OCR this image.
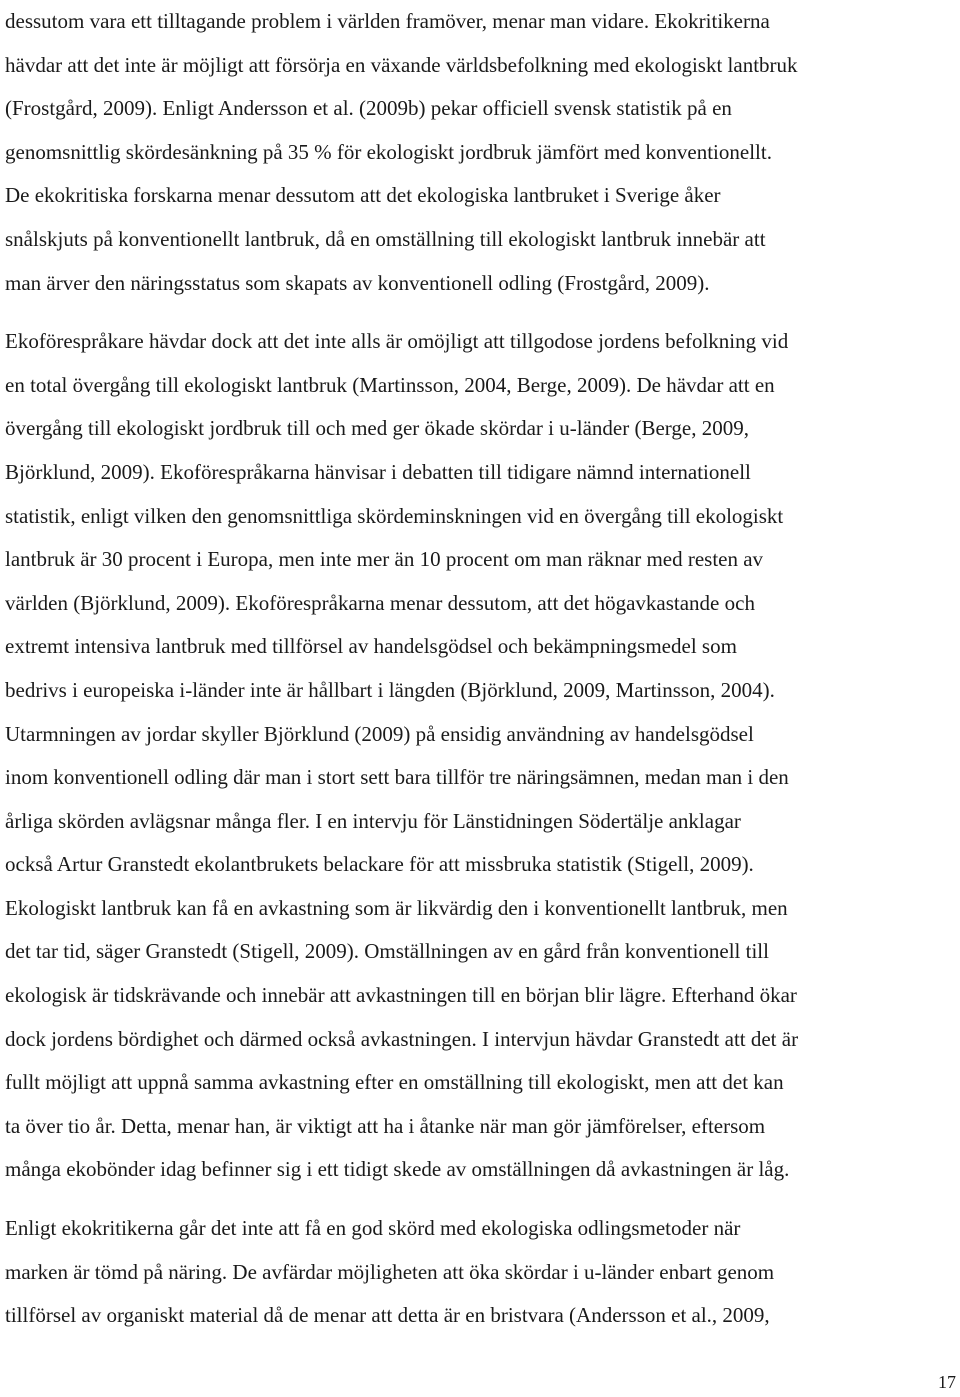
dessutom vara ett tilltagande problem i världen framöver, menar man vidare. Ekokritikerna
hävdar att det inte är möjligt att försörja en växande världsbefolkning med ekologiskt lantbruk
(Frostgård, 2009). Enligt Andersson et al. (2009b) pekar officiell svensk statistik på en
genomsnittlig skördesänkning på 35 % för ekologiskt jordbruk jämfört med konventionellt.
De ekokritiska forskarna menar dessutom att det ekologiska lantbruket i Sverige åker
snålskjuts på konventionellt lantbruk, då en omställning till ekologiskt lantbruk innebär att
man ärver den näringsstatus som skapats av konventionell odling (Frostgård, 2009).
Ekoförespråkare hävdar dock att det inte alls är omöjligt att tillgodose jordens befolkning vid
en total övergång till ekologiskt lantbruk (Martinsson, 2004, Berge, 2009). De hävdar att en
övergång till ekologiskt jordbruk till och med ger ökade skördar i u-länder (Berge, 2009,
Björklund, 2009). Ekoförespråkarna hänvisar i debatten till tidigare nämnd internationell
statistik, enligt vilken den genomsnittliga skördeminskningen vid en övergång till ekologiskt
lantbruk är 30 procent i Europa, men inte mer än 10 procent om man räknar med resten av
världen (Björklund, 2009). Ekoförespråkarna menar dessutom, att det högavkastande och
extremt intensiva lantbruk med tillförsel av handelsgödsel och bekämpningsmedel som
bedrivs i europeiska i-länder inte är hållbart i längden (Björklund, 2009, Martinsson, 2004).
Utarmningen av jordar skyller Björklund (2009) på ensidig användning av handelsgödsel
inom konventionell odling där man i stort sett bara tillför tre näringsämnen, medan man i den
årliga skörden avlägsnar många fler. I en intervju för Länstidningen Södertälje anklagar
också Artur Granstedt ekolantbrukets belackare för att missbruka statistik (Stigell, 2009).
Ekologiskt lantbruk kan få en avkastning som är likvärdig den i konventionellt lantbruk, men
det tar tid, säger Granstedt (Stigell, 2009). Omställningen av en gård från konventionell till
ekologisk är tidskrävande och innebär att avkastningen till en början blir lägre. Efterhand ökar
dock jordens bördighet och därmed också avkastningen. I intervjun hävdar Granstedt att det är
fullt möjligt att uppnå samma avkastning efter en omställning till ekologiskt, men att det kan
ta över tio år. Detta, menar han, är viktigt att ha i åtanke när man gör jämförelser, eftersom
många ekobönder idag befinner sig i ett tidigt skede av omställningen då avkastningen är låg.
Enligt ekokritikerna går det inte att få en god skörd med ekologiska odlingsmetoder när
marken är tömd på näring. De avfärdar möjligheten att öka skördar i u-länder enbart genom
tillförsel av organiskt material då de menar att detta är en bristvara (Andersson et al., 2009,
17
